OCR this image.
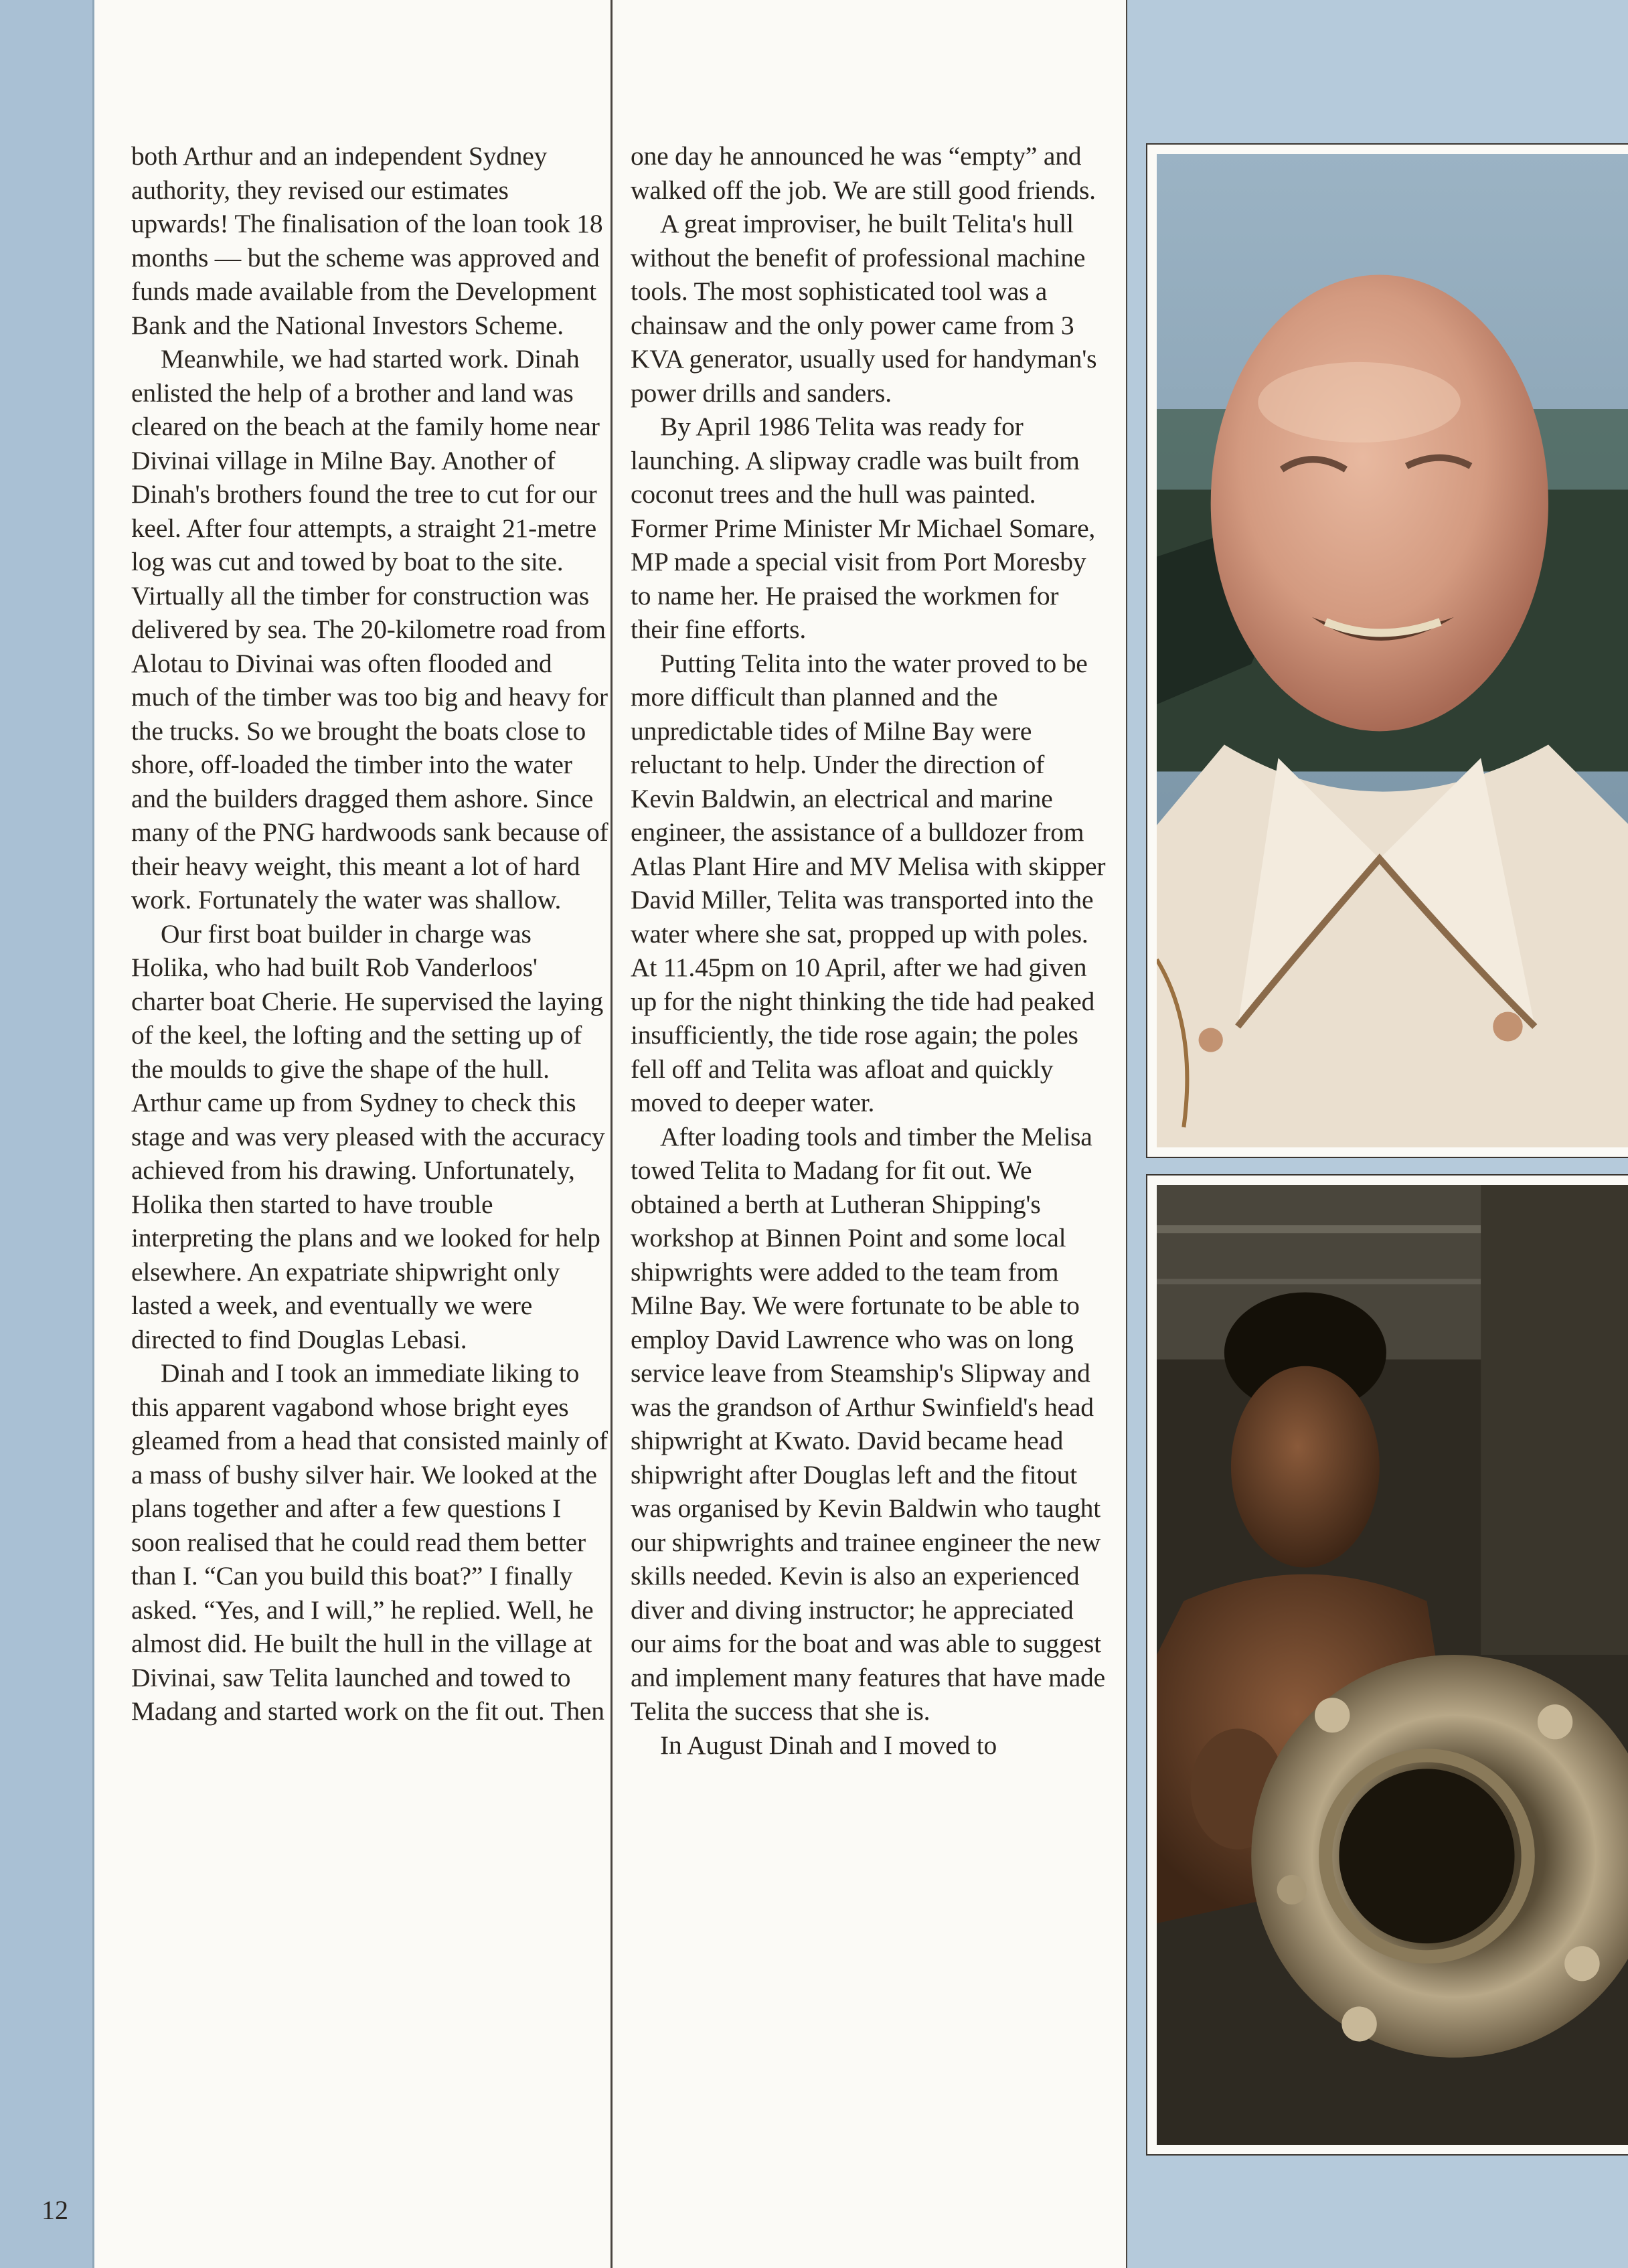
both Arthur and an independent Sydney authority, they revised our estimates upwards! The finalisation of the loan took 18 months — but the scheme was approved and funds made available from the Development Bank and the National Investors Scheme.

Meanwhile, we had started work. Dinah enlisted the help of a brother and land was cleared on the beach at the family home near Divinai village in Milne Bay. Another of Dinah's brothers found the tree to cut for our keel. After four attempts, a straight 21-metre log was cut and towed by boat to the site. Virtually all the timber for construction was delivered by sea. The 20-kilometre road from Alotau to Divinai was often flooded and much of the timber was too big and heavy for the trucks. So we brought the boats close to shore, off-loaded the timber into the water and the builders dragged them ashore. Since many of the PNG hardwoods sank because of their heavy weight, this meant a lot of hard work. Fortunately the water was shallow.

Our first boat builder in charge was Holika, who had built Rob Vanderloos' charter boat Cherie. He supervised the laying of the keel, the lofting and the setting up of the moulds to give the shape of the hull. Arthur came up from Sydney to check this stage and was very pleased with the accuracy achieved from his drawing. Unfortunately, Holika then started to have trouble interpreting the plans and we looked for help elsewhere. An expatriate shipwright only lasted a week, and eventually we were directed to find Douglas Lebasi.

Dinah and I took an immediate liking to this apparent vagabond whose bright eyes gleamed from a head that consisted mainly of a mass of bushy silver hair. We looked at the plans together and after a few questions I soon realised that he could read them better than I. “Can you build this boat?” I finally asked. “Yes, and I will,” he replied. Well, he almost did. He built the hull in the village at Divinai, saw Telita launched and towed to Madang and started work on the fit out. Then

one day he announced he was “empty” and walked off the job. We are still good friends.

A great improviser, he built Telita's hull without the benefit of professional machine tools. The most sophisticated tool was a chainsaw and the only power came from 3 KVA generator, usually used for handyman's power drills and sanders.

By April 1986 Telita was ready for launching. A slipway cradle was built from coconut trees and the hull was painted. Former Prime Minister Mr Michael Somare, MP made a special visit from Port Moresby to name her. He praised the workmen for their fine efforts.

Putting Telita into the water proved to be more difficult than planned and the unpredictable tides of Milne Bay were reluctant to help. Under the direction of Kevin Baldwin, an electrical and marine engineer, the assistance of a bulldozer from Atlas Plant Hire and MV Melisa with skipper David Miller, Telita was transported into the water where she sat, propped up with poles. At 11.45pm on 10 April, after we had given up for the night thinking the tide had peaked insufficiently, the tide rose again; the poles fell off and Telita was afloat and quickly moved to deeper water.

After loading tools and timber the Melisa towed Telita to Madang for fit out. We obtained a berth at Lutheran Shipping's workshop at Binnen Point and some local shipwrights were added to the team from Milne Bay. We were fortunate to be able to employ David Lawrence who was on long service leave from Steamship's Slipway and was the grandson of Arthur Swinfield's head shipwright at Kwato. David became head shipwright after Douglas left and the fitout was organised by Kevin Baldwin who taught our shipwrights and trainee engineer the new skills needed. Kevin is also an experienced diver and diving instructor; he appreciated our aims for the boat and was able to suggest and implement many features that have made Telita the success that she is.

In August Dinah and I moved to

12
